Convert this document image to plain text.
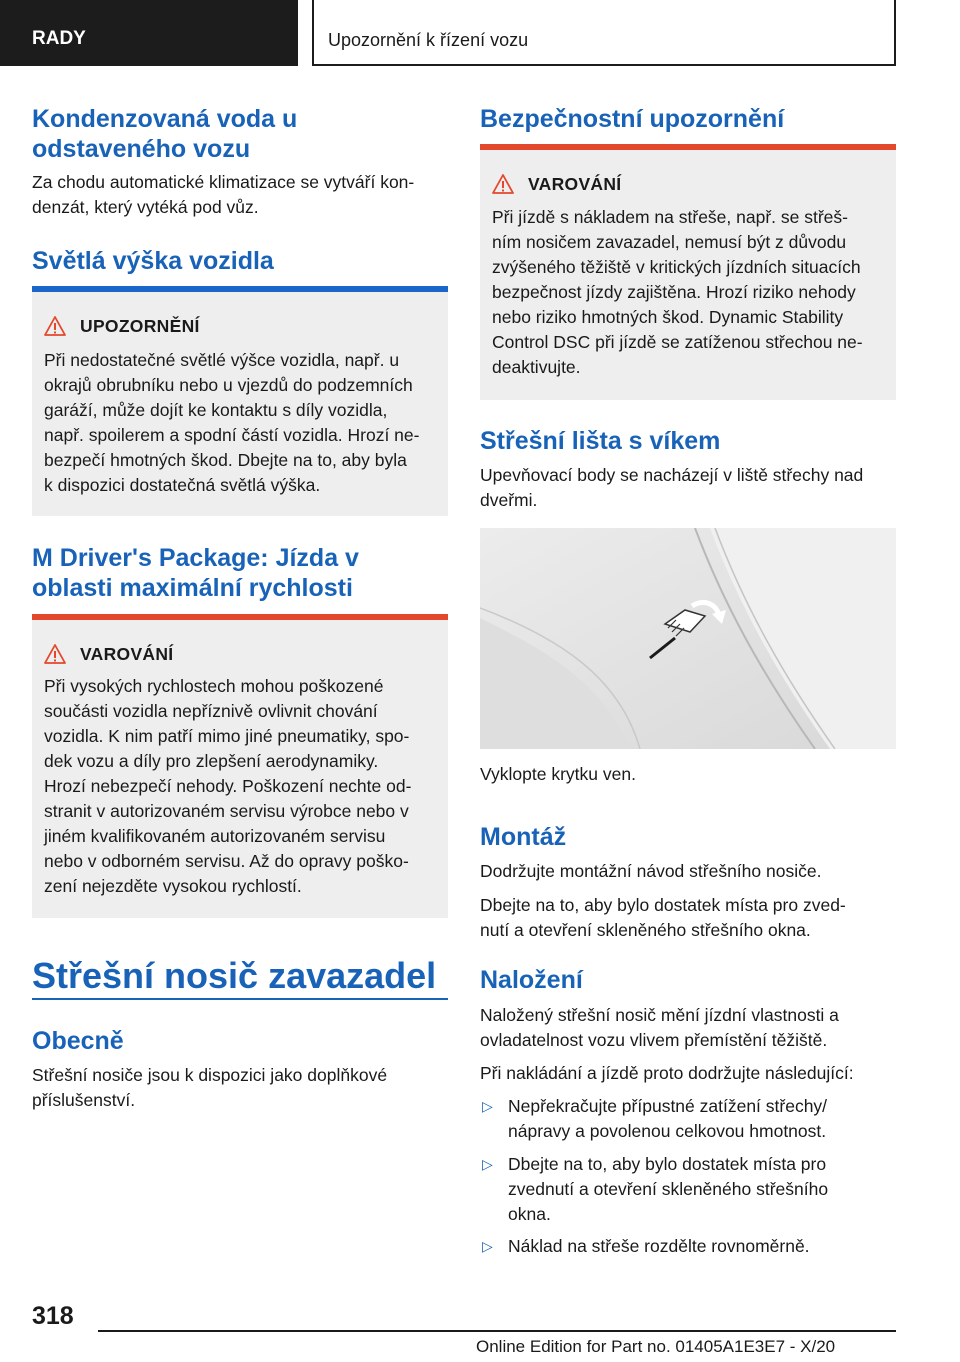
RADY	Upozornění k řízení vozu
Kondenzovaná voda u
odstaveného vozu
Za chodu automatické klimatizace se vytváří kon‐
denzát, který vytéká pod vůz.
Světlá výška vozidla
UPOZORNĚNÍ
Při nedostatečné světlé výšce vozidla, např. u
okrajů obrubníku nebo u vjezdů do podzemních
garáží, může dojít ke kontaktu s díly vozidla,
např. spoilerem a spodní částí vozidla. Hrozí ne‐
bezpečí hmotných škod. Dbejte na to, aby byla
k dispozici dostatečná světlá výška.
M Driver's Package: Jízda v
oblasti maximální rychlosti
VAROVÁNÍ
Při vysokých rychlostech mohou poškozené
součásti vozidla nepříznivě ovlivnit chování
vozidla. K nim patří mimo jiné pneumatiky, spo‐
dek vozu a díly pro zlepšení aerodynamiky.
Hrozí nebezpečí nehody. Poškození nechte od‐
stranit v autorizovaném servisu výrobce nebo v
jiném kvalifikovaném autorizovaném servisu
nebo v odborném servisu. Až do opravy poško‐
zení nejezděte vysokou rychlostí.
Střešní nosič zavazadel
Obecně
Střešní nosiče jsou k dispozici jako doplňkové
příslušenství.
Bezpečnostní upozornění
VAROVÁNÍ
Při jízdě s nákladem na střeše, např. se střeš‐
ním nosičem zavazadel, nemusí být z důvodu
zvýšeného těžiště v kritických jízdních situacích
bezpečnost jízdy zajištěna. Hrozí riziko nehody
nebo riziko hmotných škod. Dynamic Stability
Control DSC při jízdě se zatíženou střechou ne‐
deaktivujte.
Střešní lišta s víkem
Upevňovací body se nacházejí v liště střechy nad
dveřmi.
Vyklopte krytku ven.
Montáž
Dodržujte montážní návod střešního nosiče.
Dbejte na to, aby bylo dostatek místa pro zved‐
nutí a otevření skleněného střešního okna.
Naložení
Naložený střešní nosič mění jízdní vlastnosti a
ovladatelnost vozu vlivem přemístění těžiště.
Při nakládání a jízdě proto dodržujte následující:
▷ Nepřekračujte přípustné zatížení střechy/
nápravy a povolenou celkovou hmotnost.
▷ Dbejte na to, aby bylo dostatek místa pro
zvednutí a otevření skleněného střešního
okna.
▷ Náklad na střeše rozdělte rovnoměrně.
318
Online Edition for Part no. 01405A1E3E7 - X/20
